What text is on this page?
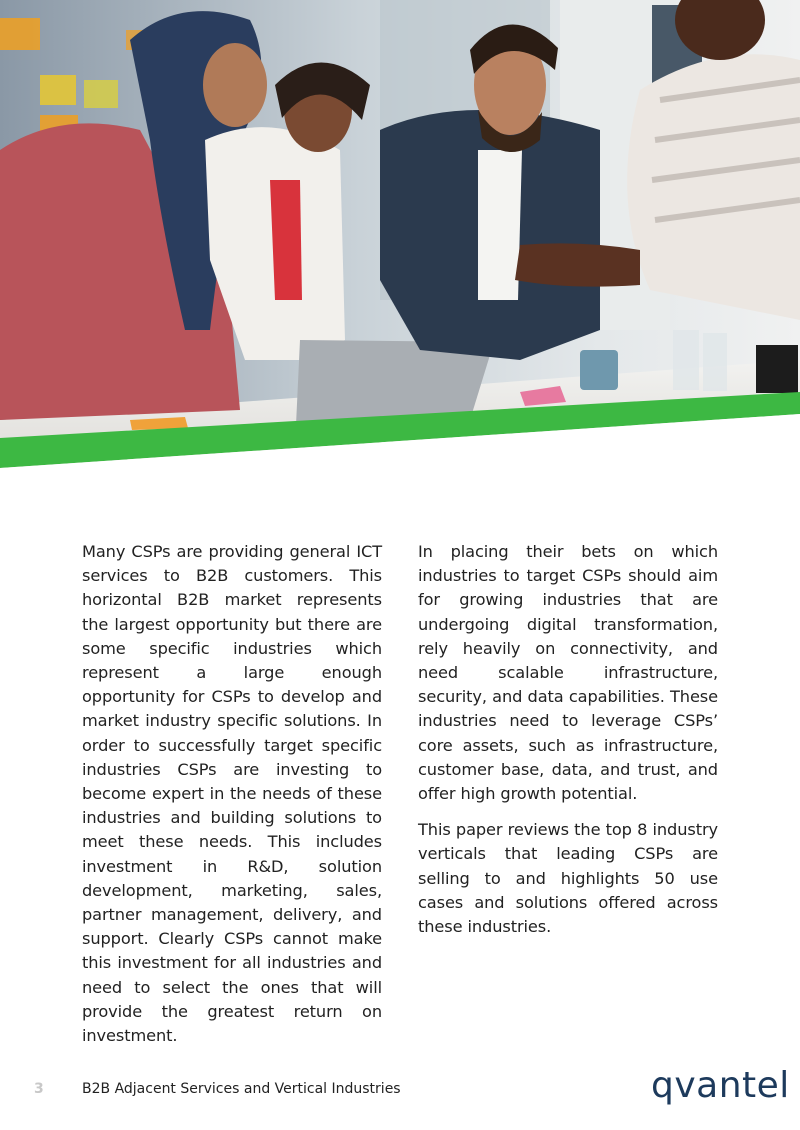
Many CSPs are providing general ICT services to B2B customers. This horizontal B2B market represents the largest opportunity but there are some specific industries which represent a large enough opportunity for CSPs to develop and market industry specific solutions. In order to successfully target specific industries CSPs are investing to become expert in the needs of these industries and building solutions to meet these needs. This includes investment in R&D, solution development, marketing, sales, partner management, delivery, and support. Clearly CSPs cannot make this investment for all industries and need to select the ones that will provide the greatest return on investment.

In placing their bets on which industries to target CSPs should aim for growing industries that are undergoing digital transformation, rely heavily on connectivity, and need scalable infrastructure, security, and data capabilities. These industries need to leverage CSPs’ core assets, such as infrastructure, customer base, data, and trust, and offer high growth potential.

This paper reviews the top 8 industry verticals that leading CSPs are selling to and highlights 50 use cases and solutions offered across these industries.

3	B2B Adjacent Services and Vertical Industries	qvantel
